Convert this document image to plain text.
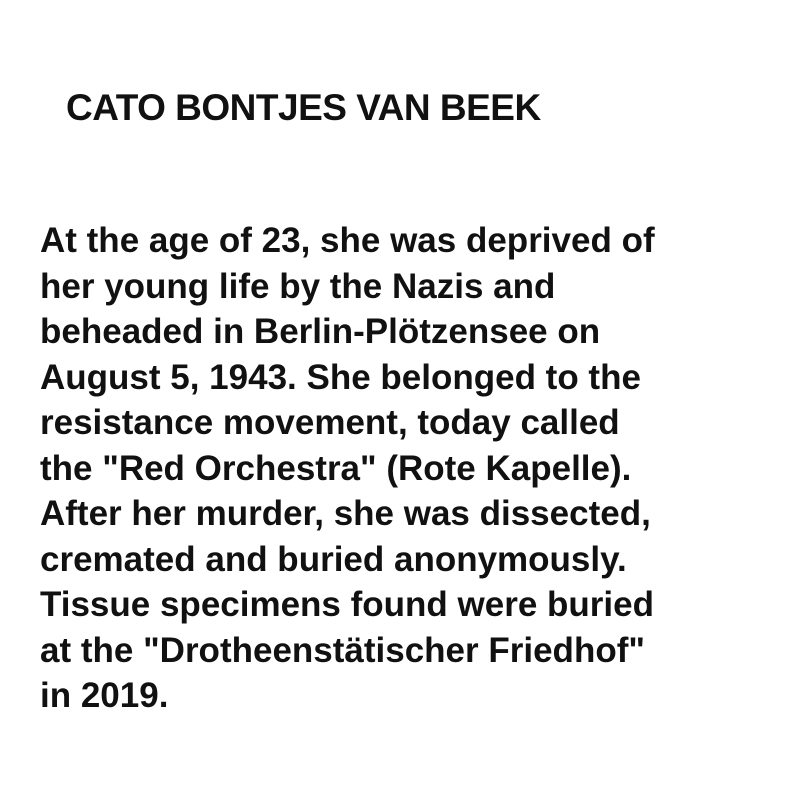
CATO BONTJES VAN BEEK
At the age of 23, she was deprived of
her young life by the Nazis and
beheaded in Berlin-Plötzensee on
August 5, 1943. She belonged to the
resistance movement, today called
the "Red Orchestra" (Rote Kapelle).
After her murder, she was dissected,
cremated and buried anonymously.
Tissue specimens found were buried
at the "Drotheenstätischer Friedhof"
in 2019.
